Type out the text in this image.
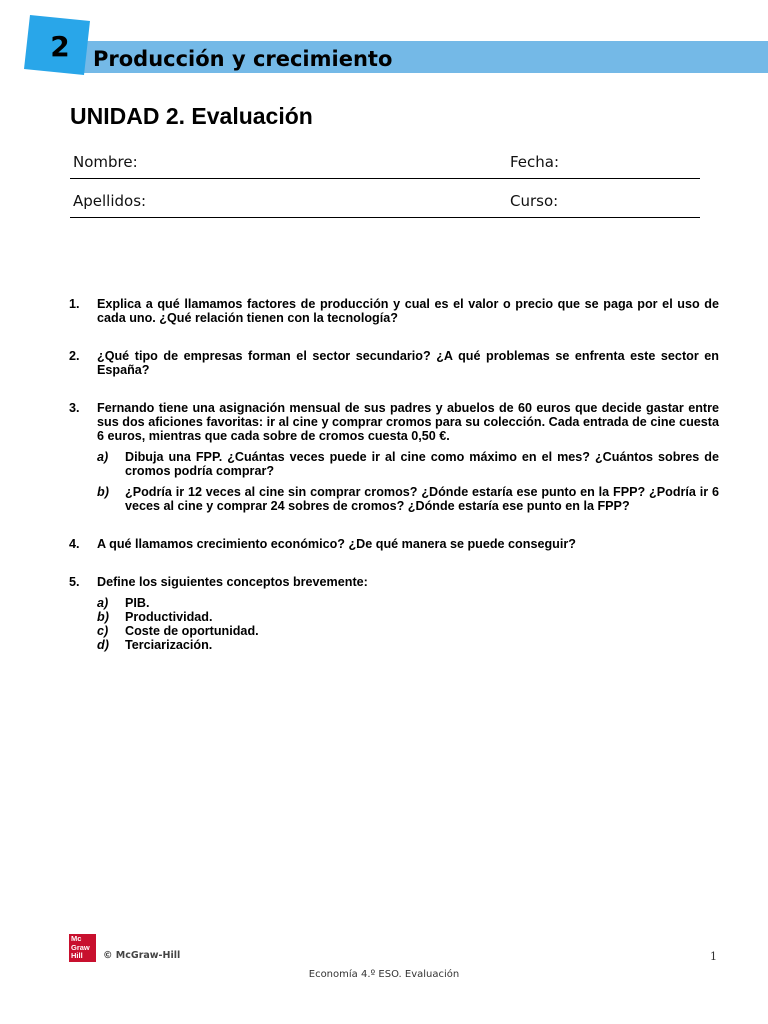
2 Producción y crecimiento
UNIDAD 2. Evaluación
Nombre:	Fecha:
Apellidos:	Curso:
1. Explica a qué llamamos factores de producción y cual es el valor o precio que se paga por el uso de cada uno. ¿Qué relación tienen con la tecnología?
2. ¿Qué tipo de empresas forman el sector secundario? ¿A qué problemas se enfrenta este sector en España?
3. Fernando tiene una asignación mensual de sus padres y abuelos de 60 euros que decide gastar entre sus dos aficiones favoritas: ir al cine y comprar cromos para su colección. Cada entrada de cine cuesta 6 euros, mientras que cada sobre de cromos cuesta 0,50 €.
a) Dibuja una FPP. ¿Cuántas veces puede ir al cine como máximo en el mes? ¿Cuántos sobres de cromos podría comprar?
b) ¿Podría ir 12 veces al cine sin comprar cromos? ¿Dónde estaría ese punto en la FPP? ¿Podría ir 6 veces al cine y comprar 24 sobres de cromos? ¿Dónde estaría ese punto en la FPP?
4. A qué llamamos crecimiento económico? ¿De qué manera se puede conseguir?
5. Define los siguientes conceptos brevemente:
a) PIB.
b) Productividad.
c) Coste de oportunidad.
d) Terciarización.
Mc
Graw
Hill	© McGraw-Hill	1
Economía 4.º ESO. Evaluación
